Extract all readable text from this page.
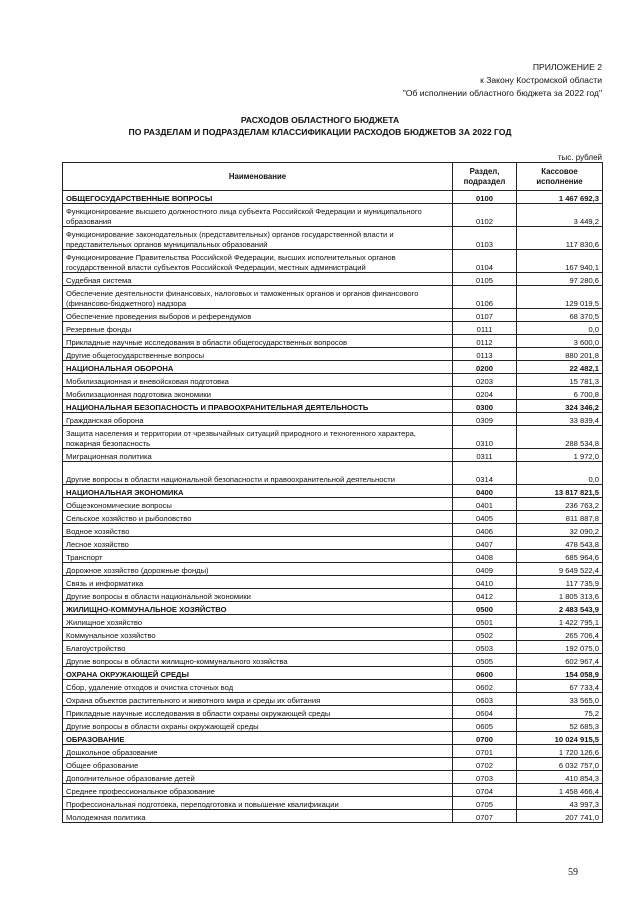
ПРИЛОЖЕНИЕ 2
к Закону Костромской области
"Об исполнении областного бюджета за 2022 год"
РАСХОДОВ ОБЛАСТНОГО БЮДЖЕТА
ПО РАЗДЕЛАМ И ПОДРАЗДЕЛАМ КЛАССИФИКАЦИИ РАСХОДОВ БЮДЖЕТОВ ЗА 2022 ГОД
тыс. рублей
Наименование	Раздел, подраздел	Кассовое исполнение
ОБЩЕГОСУДАРСТВЕННЫЕ ВОПРОСЫ	0100	1 467 692,3
Функционирование высшего должностного лица субъекта Российской Федерации и муниципального образования	0102	3 449,2
Функционирование законодательных (представительных) органов государственной власти и представительных органов муниципальных образований	0103	117 830,6
Функционирование Правительства Российской Федерации, высших исполнительных органов государственной власти субъектов Российской Федерации, местных администраций	0104	167 940,1
Судебная система	0105	97 280,6
Обеспечение деятельности финансовых, налоговых и таможенных органов и органов финансового (финансово-бюджетного) надзора	0106	129 019,5
Обеспечение проведения выборов и референдумов	0107	68 370,5
Резервные фонды	0111	0,0
Прикладные научные исследования в области общегосударственных вопросов	0112	3 600,0
Другие общегосударственные вопросы	0113	880 201,8
НАЦИОНАЛЬНАЯ ОБОРОНА	0200	22 482,1
Мобилизационная и вневойсковая подготовка	0203	15 781,3
Мобилизационная подготовка экономики	0204	6 700,8
НАЦИОНАЛЬНАЯ БЕЗОПАСНОСТЬ И ПРАВООХРАНИТЕЛЬНАЯ ДЕЯТЕЛЬНОСТЬ	0300	324 346,2
Гражданская оборона	0309	33 839,4
Защита населения и территории от чрезвычайных ситуаций природного и техногенного характера, пожарная безопасность	0310	288 534,8
Миграционная политика	0311	1 972,0
Другие вопросы в области национальной безопасности и правоохранительной деятельности	0314	0,0
НАЦИОНАЛЬНАЯ ЭКОНОМИКА	0400	13 817 821,5
Общеэкономические вопросы	0401	236 763,2
Сельское хозяйство и рыболовство	0405	811 887,8
Водное хозяйство	0406	32 090,2
Лесное хозяйство	0407	478 543,8
Транспорт	0408	685 964,6
Дорожное хозяйство (дорожные фонды)	0409	9 649 522,4
Связь и информатика	0410	117 735,9
Другие вопросы в области национальной экономики	0412	1 805 313,6
ЖИЛИЩНО-КОММУНАЛЬНОЕ ХОЗЯЙСТВО	0500	2 483 543,9
Жилищное хозяйство	0501	1 422 795,1
Коммунальное хозяйство	0502	265 706,4
Благоустройство	0503	192 075,0
Другие вопросы в области жилищно-коммунального хозяйства	0505	602 967,4
ОХРАНА ОКРУЖАЮЩЕЙ СРЕДЫ	0600	154 058,9
Сбор, удаление отходов и очистка сточных вод	0602	67 733,4
Охрана объектов растительного и животного мира и среды их обитания	0603	33 565,0
Прикладные научные исследования в области охраны окружающей среды	0604	75,2
Другие вопросы в области охраны окружающей среды	0605	52 685,3
ОБРАЗОВАНИЕ	0700	10 024 915,5
Дошкольное образование	0701	1 720 126,6
Общее образование	0702	6 032 757,0
Дополнительное образование детей	0703	410 854,3
Среднее профессиональное образование	0704	1 458 466,4
Профессиональная подготовка, переподготовка и повышение квалификации	0705	43 997,3
Молодежная политика	0707	207 741,0
59
